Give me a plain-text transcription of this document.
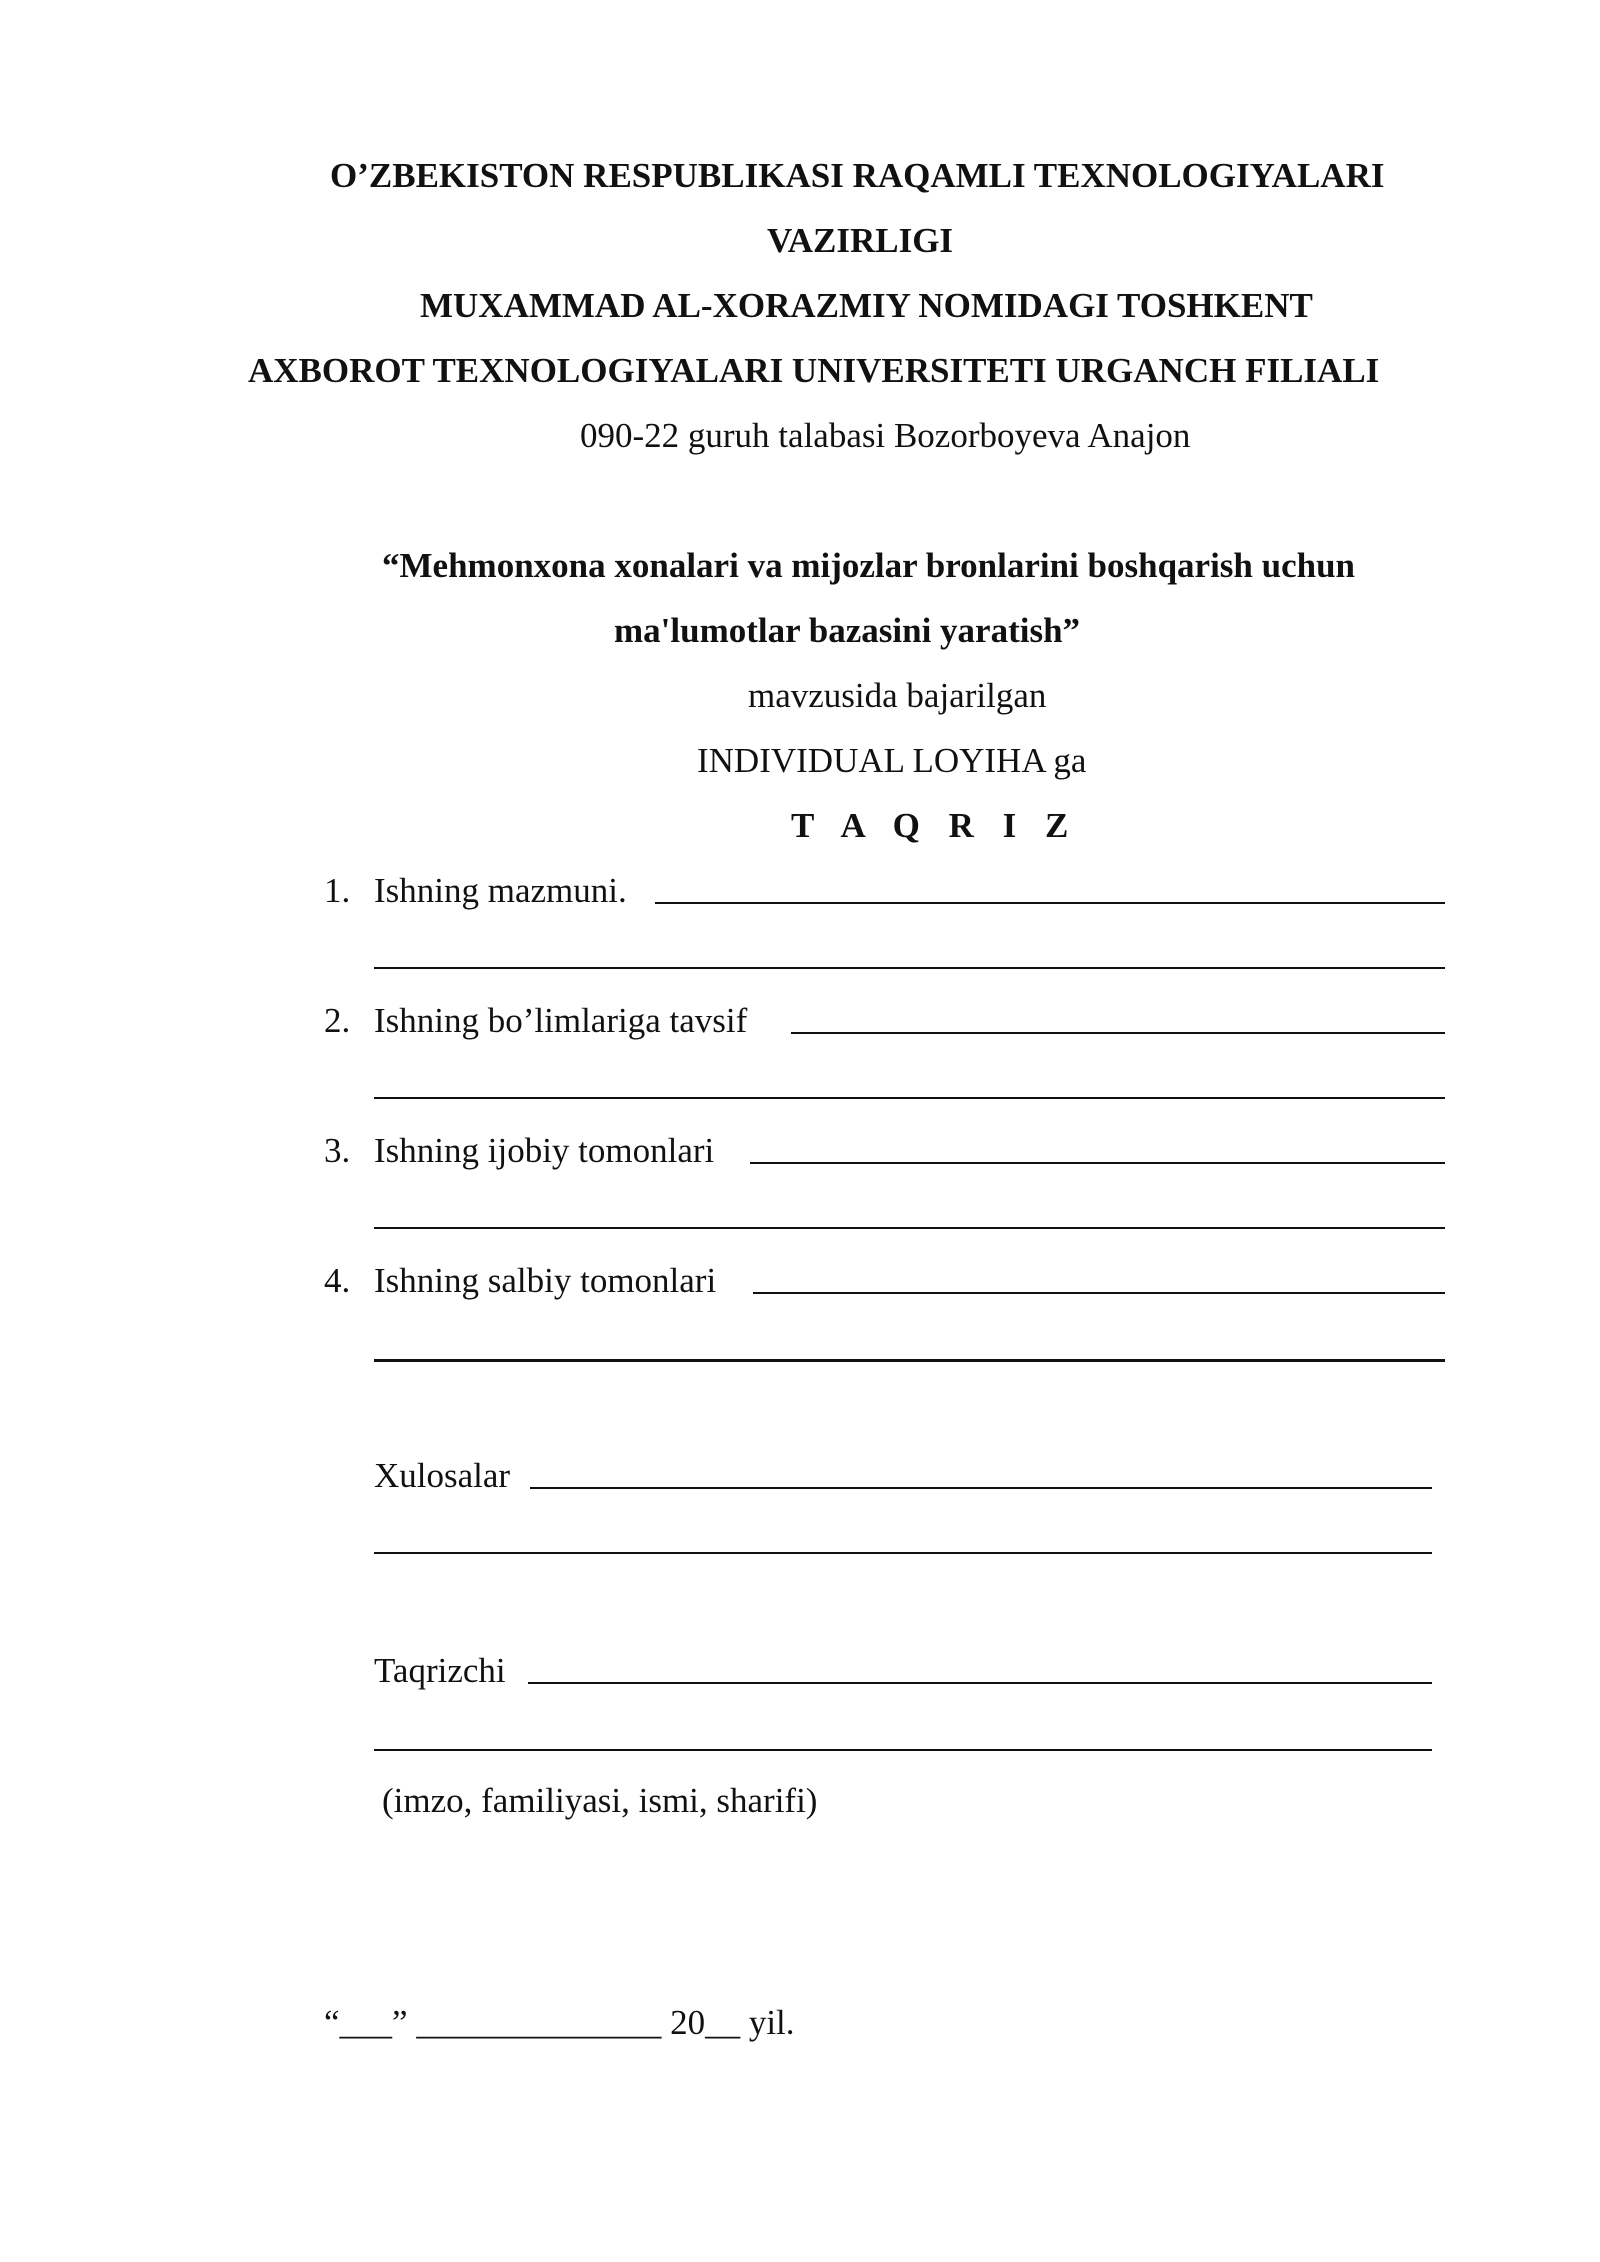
O’ZBEKISTON RESPUBLIKASI RAQAMLI TEXNOLOGIYALARI
VAZIRLIGI
MUXAMMAD AL-XORAZMIY NOMIDAGI TOSHKENT
AXBOROT TEXNOLOGIYALARI UNIVERSITETI URGANCH FILIALI
090-22 guruh talabasi Bozorboyeva Anajon
“Mehmonxona xonalari va mijozlar bronlarini boshqarish uchun
ma'lumotlar bazasini yaratish”
mavzusida bajarilgan
INDIVIDUAL LOYIHA ga
T A Q R I Z
1. Ishning mazmuni.
2. Ishning bo’limlariga tavsif
3. Ishning ijobiy tomonlari
4. Ishning salbiy tomonlari
Xulosalar
Taqrizchi
(imzo, familiyasi, ismi, sharifi)
“___” ______________ 20__ yil.
